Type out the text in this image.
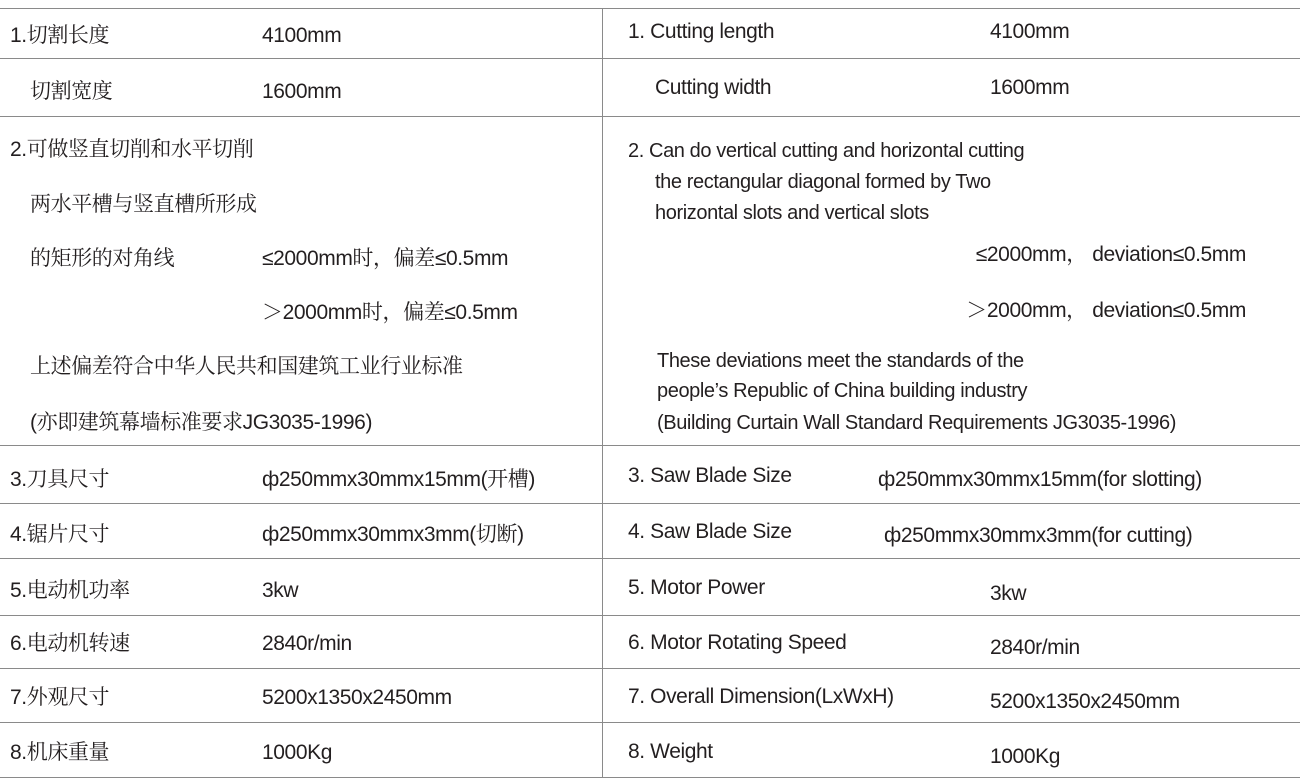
1.切割长度	4100mm
切割宽度	1600mm
2.可做竖直切削和水平切削
两水平槽与竖直槽所形成
的矩形的对角线	≤2000mm时，偏差≤0.5mm
＞2000mm时，偏差≤0.5mm
上述偏差符合中华人民共和国建筑工业行业标准
(亦即建筑幕墙标准要求JG3035-1996)
3.刀具尺寸	ф250mmx30mmx15mm(开槽)
4.锯片尺寸	ф250mmx30mmx3mm(切断)
5.电动机功率	3kw
6.电动机转速	2840r/min
7.外观尺寸	5200x1350x2450mm
8.机床重量	1000Kg
1. Cutting length	4100mm
Cutting width	1600mm
2. Can do vertical cutting and horizontal cutting
the rectangular diagonal formed by Two
horizontal slots and vertical slots
≤2000mm， deviation≤0.5mm
＞2000mm， deviation≤0.5mm
These deviations meet the standards of the
people’s Republic of China building industry
(Building Curtain Wall Standard Requirements JG3035-1996)
3. Saw Blade Size	ф250mmx30mmx15mm(for slotting)
4. Saw Blade Size	ф250mmx30mmx3mm(for cutting)
5. Motor Power	3kw
6. Motor Rotating Speed	2840r/min
7. Overall Dimension(LxWxH)	5200x1350x2450mm
8. Weight	1000Kg
